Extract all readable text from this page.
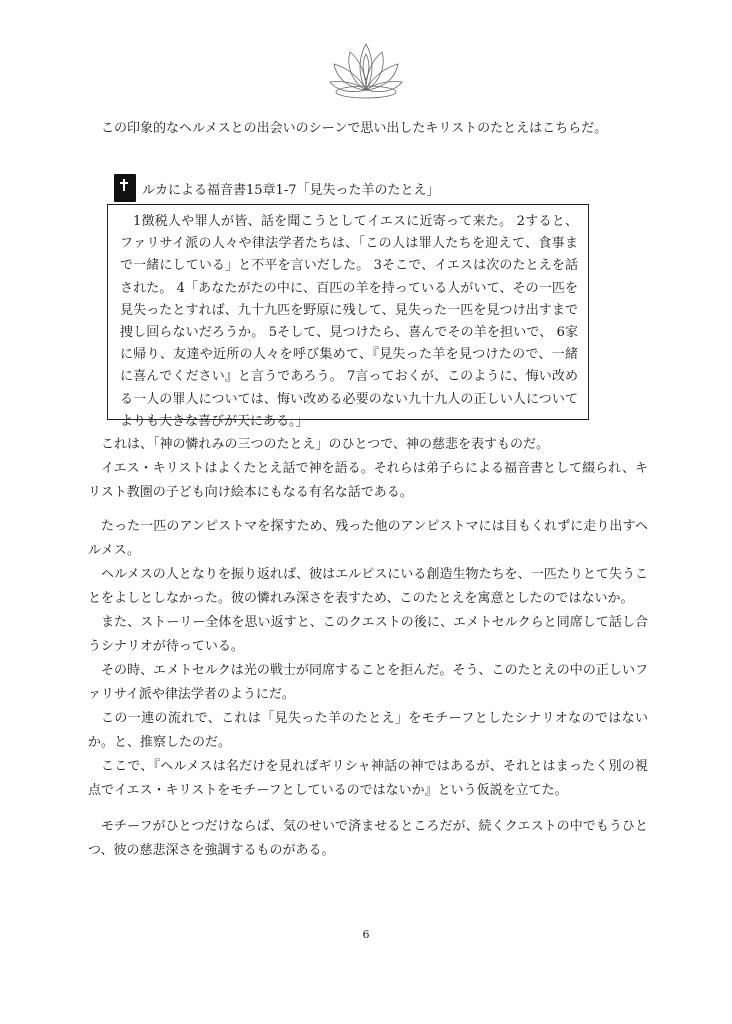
この印象的なヘルメスとの出会いのシーンで思い出したキリストのたとえはこちらだ。

ルカによる福音書15章1-7「見失った羊のたとえ」

1徴税人や罪人が皆、話を聞こうとしてイエスに近寄って来た。 2すると、ファリサイ派の人々や律法学者たちは、「この人は罪人たちを迎えて、食事まで一緒にしている」と不平を言いだした。 3そこで、イエスは次のたとえを話された。 4「あなたがたの中に、百匹の羊を持っている人がいて、その一匹を見失ったとすれば、九十九匹を野原に残して、見失った一匹を見つけ出すまで捜し回らないだろうか。 5そして、見つけたら、喜んでその羊を担いで、 6家に帰り、友達や近所の人々を呼び集めて、『見失った羊を見つけたので、一緒に喜んでください』と言うであろう。 7言っておくが、このように、悔い改める一人の罪人については、悔い改める必要のない九十九人の正しい人についてよりも大きな喜びが天にある。」

これは、「神の憐れみの三つのたとえ」のひとつで、神の慈悲を表すものだ。

イエス・キリストはよくたとえ話で神を語る。それらは弟子らによる福音書として綴られ、キリスト教圏の子ども向け絵本にもなる有名な話である。

たった一匹のアンピストマを探すため、残った他のアンピストマには目もくれずに走り出すヘルメス。

ヘルメスの人となりを振り返れば、彼はエルピスにいる創造生物たちを、一匹たりとて失うことをよしとしなかった。彼の憐れみ深さを表すため、このたとえを寓意としたのではないか。

また、ストーリー全体を思い返すと、このクエストの後に、エメトセルクらと同席して話し合うシナリオが待っている。

その時、エメトセルクは光の戦士が同席することを拒んだ。そう、このたとえの中の正しいファリサイ派や律法学者のようにだ。

この一連の流れで、これは「見失った羊のたとえ」をモチーフとしたシナリオなのではないか。と、推察したのだ。

ここで、『ヘルメスは名だけを見ればギリシャ神話の神ではあるが、それとはまったく別の視点でイエス・キリストをモチーフとしているのではないか』という仮説を立てた。

モチーフがひとつだけならば、気のせいで済ませるところだが、続くクエストの中でもうひとつ、彼の慈悲深さを強調するものがある。

6
